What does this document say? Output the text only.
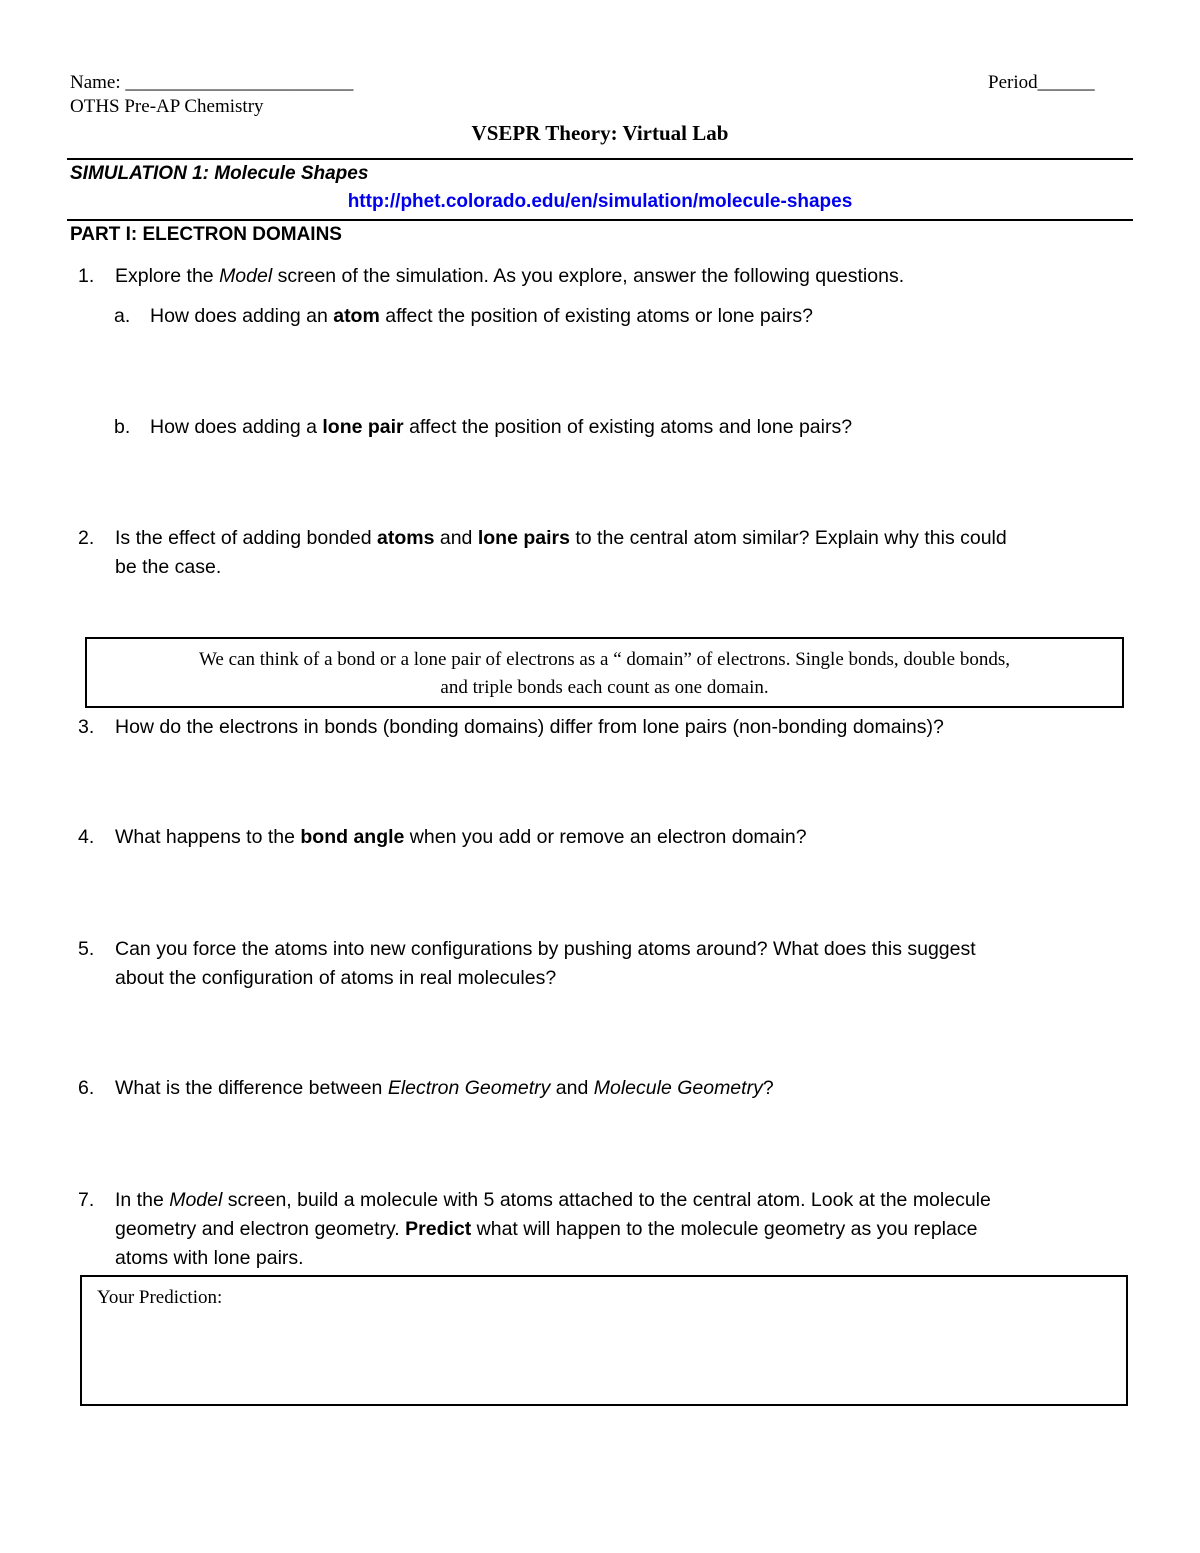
Name: ________________________	Period______
OTHS Pre-AP Chemistry
VSEPR Theory: Virtual Lab
SIMULATION 1: Molecule Shapes
http://phet.colorado.edu/en/simulation/molecule-shapes
PART I: ELECTRON DOMAINS
1. Explore the Model screen of the simulation. As you explore, answer the following questions.
a. How does adding an atom affect the position of existing atoms or lone pairs?
b. How does adding a lone pair affect the position of existing atoms and lone pairs?
2. Is the effect of adding bonded atoms and lone pairs to the central atom similar? Explain why this could
be the case.
We can think of a bond or a lone pair of electrons as a “ domain” of electrons. Single bonds, double bonds,
and triple bonds each count as one domain.
3. How do the electrons in bonds (bonding domains) differ from lone pairs (non-bonding domains)?
4. What happens to the bond angle when you add or remove an electron domain?
5. Can you force the atoms into new configurations by pushing atoms around? What does this suggest
about the configuration of atoms in real molecules?
6. What is the difference between Electron Geometry and Molecule Geometry?
7. In the Model screen, build a molecule with 5 atoms attached to the central atom. Look at the molecule
geometry and electron geometry. Predict what will happen to the molecule geometry as you replace
atoms with lone pairs.
Your Prediction:
